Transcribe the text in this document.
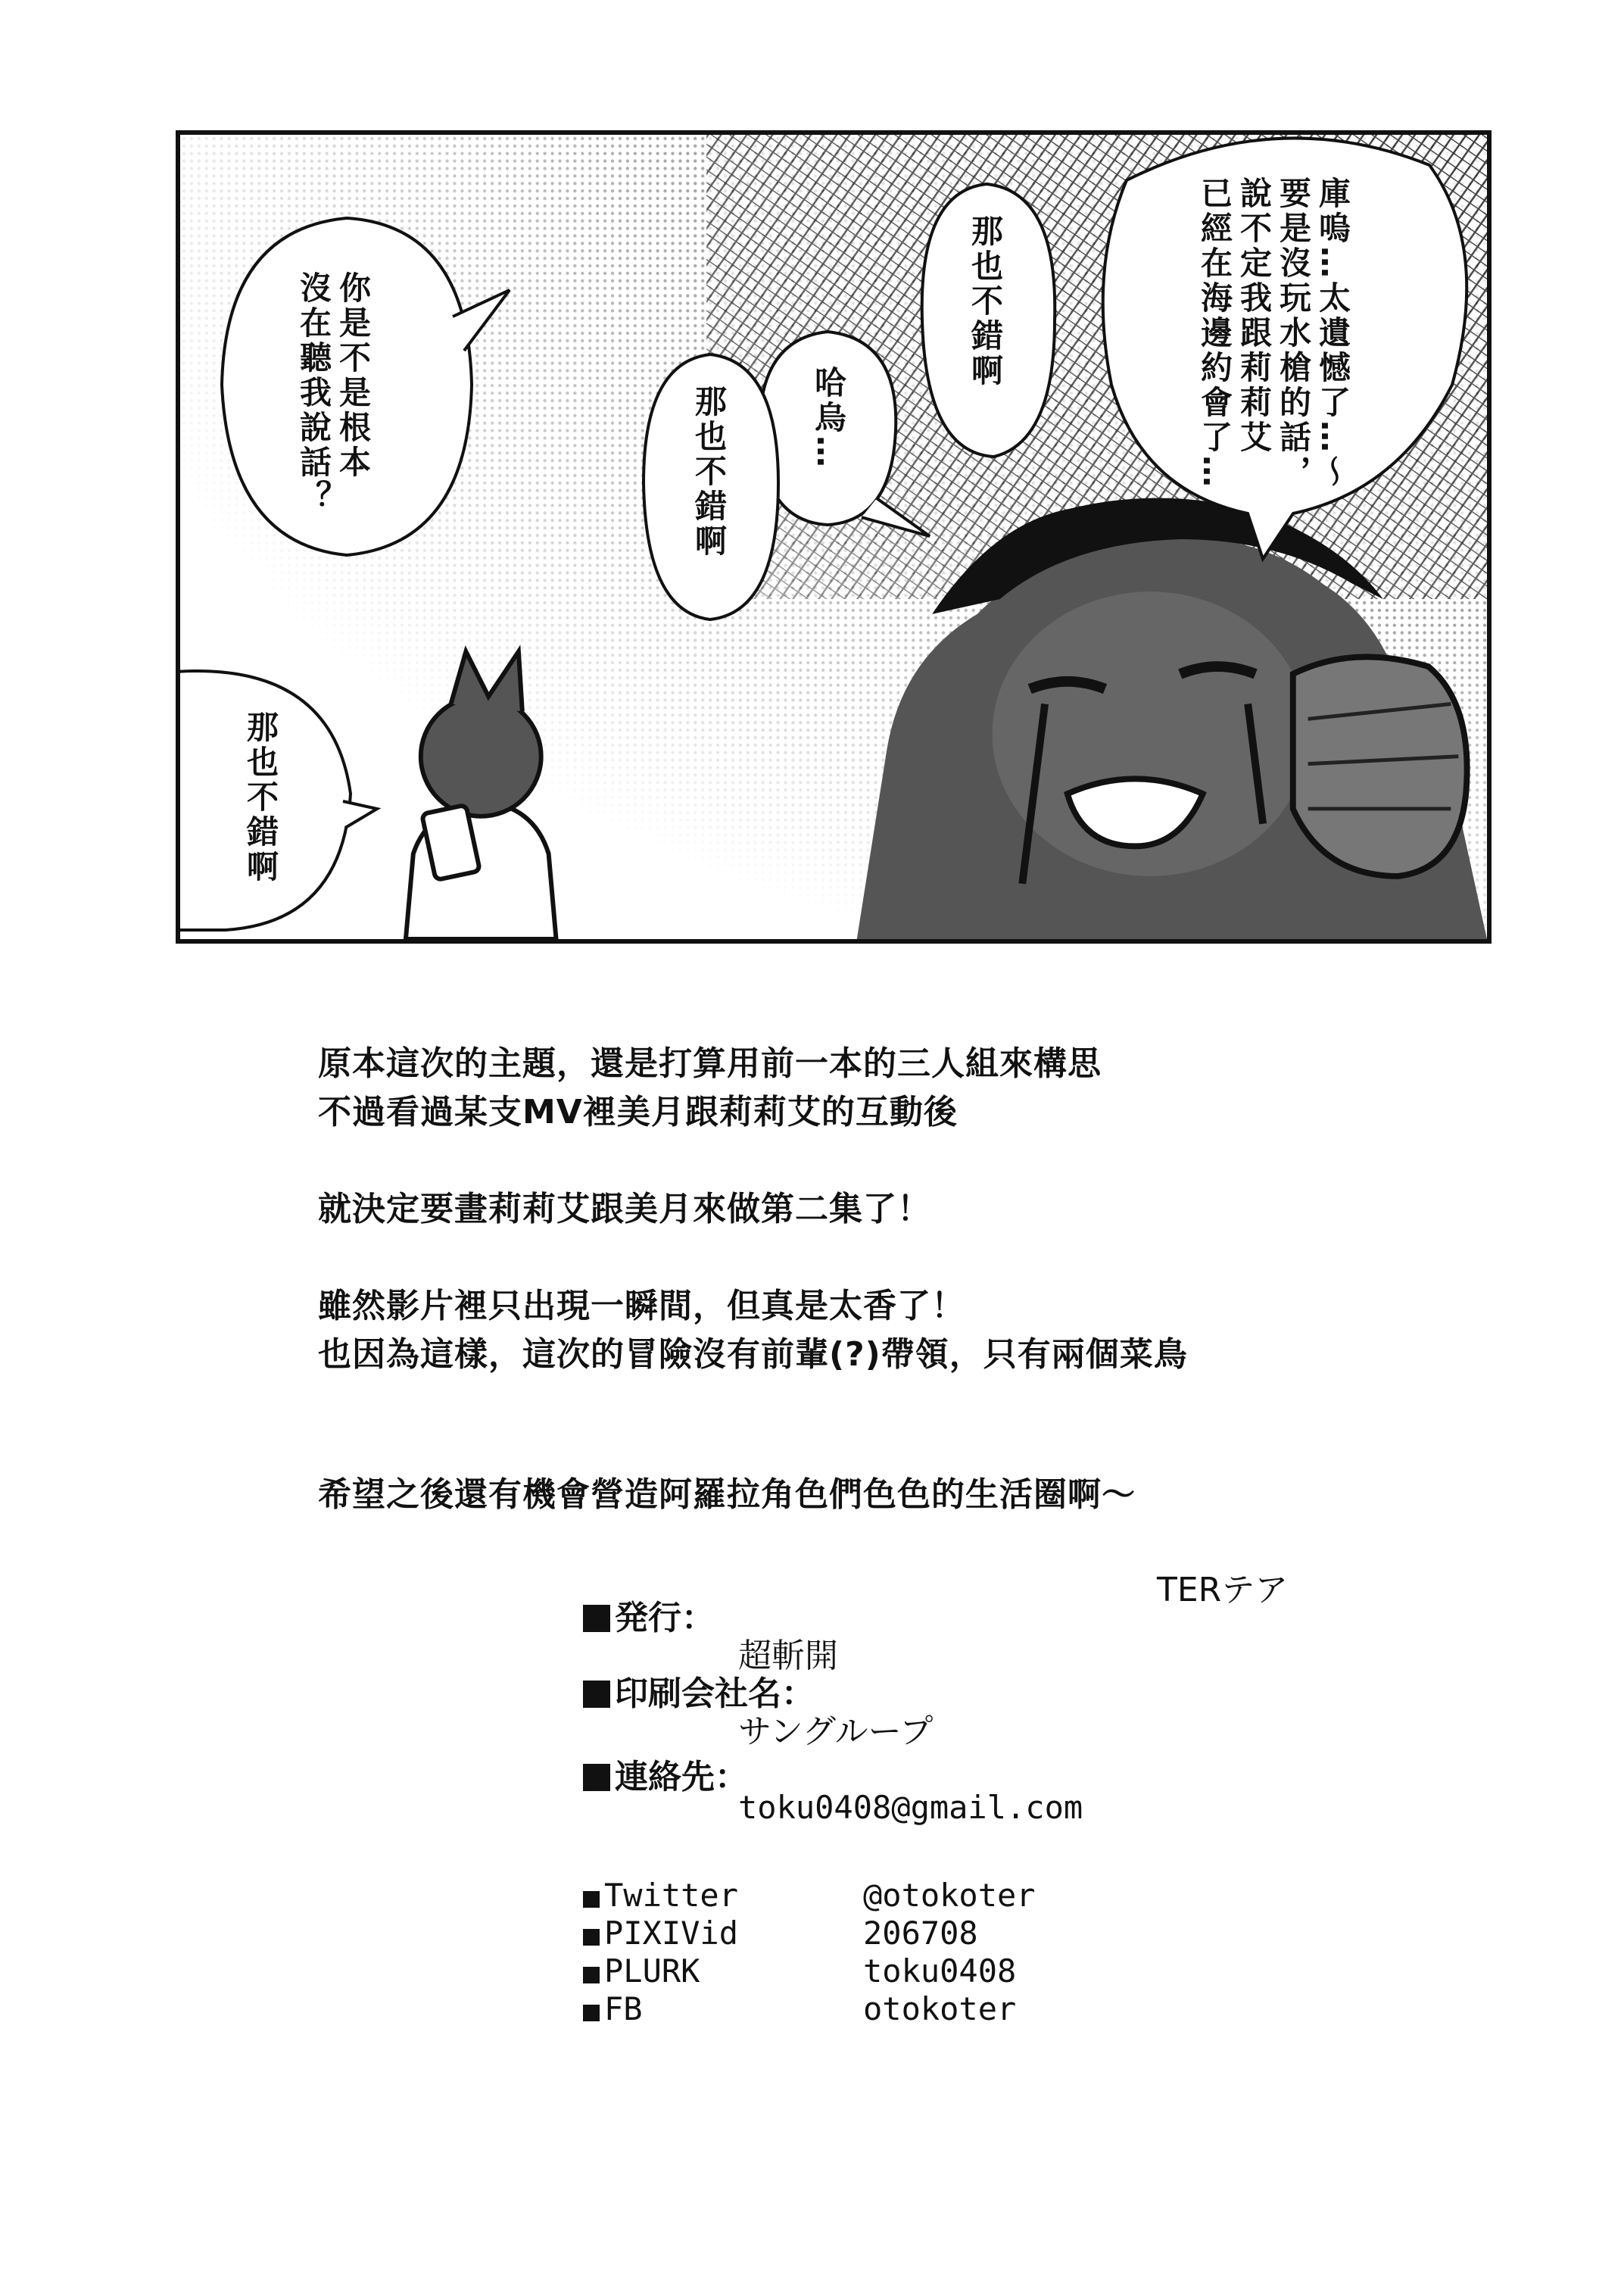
庫嗚…太遺憾了…～
要是沒玩水槍的話，
說不定我跟莉莉艾
已經在海邊約會了…
那也不錯啊
哈烏…
那也不錯啊
你是不是根本
沒在聽我說話？
那也不錯啊
原本這次的主題，還是打算用前一本的三人組來構思
不過看過某支MV裡美月跟莉莉艾的互動後
就決定要畫莉莉艾跟美月來做第二集了！
雖然影片裡只出現一瞬間，但真是太香了！
也因為這樣，這次的冒險沒有前輩(?)帶領，只有兩個菜鳥
希望之後還有機會營造阿羅拉角色們色色的生活圈啊～
TERテア
発行：
超斬開
印刷会社名：
サングループ
連絡先：
toku0408@gmail.com
Twitter	@otokoter
PIXIVid	206708
PLURK	toku0408
FB	otokoter
